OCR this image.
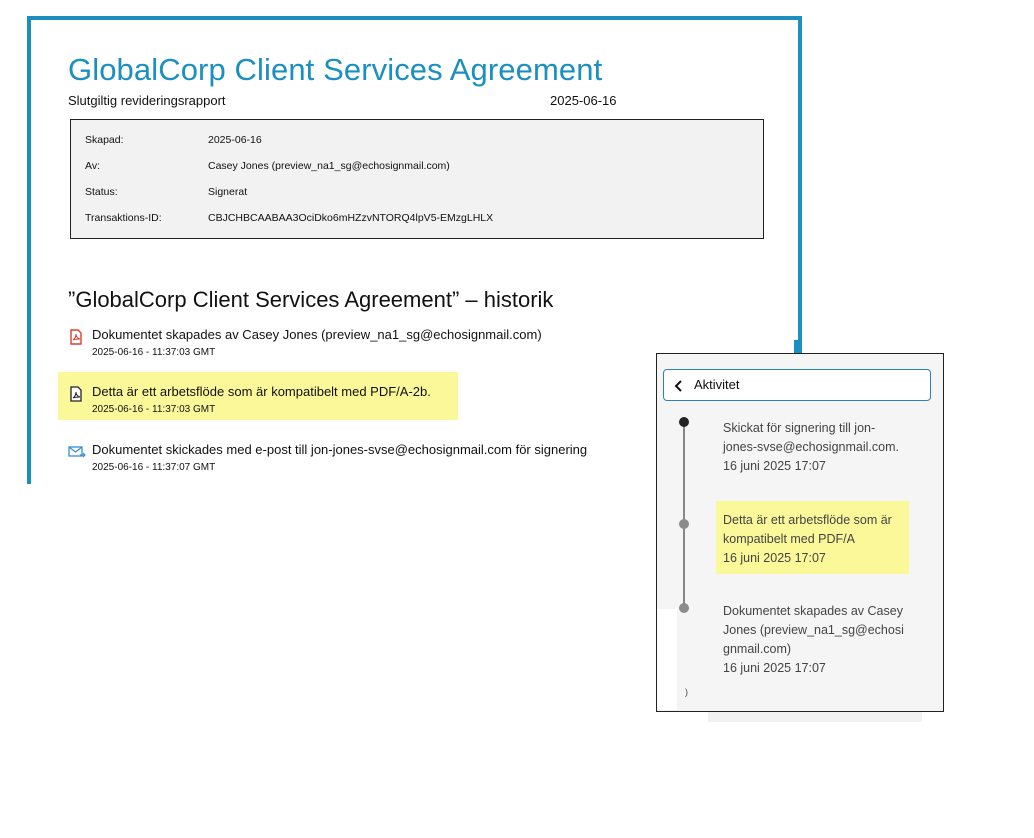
GlobalCorp Client Services Agreement
Slutgiltig revideringsrapport	2025-06-16
Skapad:	2025-06-16
Av:	Casey Jones (preview_na1_sg@echosignmail.com)
Status:	Signerat
Transaktions-ID:	CBJCHBCAABAA3OciDko6mHZzvNTORQ4lpV5-EMzgLHLX
”GlobalCorp Client Services Agreement” – historik
Dokumentet skapades av Casey Jones (preview_na1_sg@echosignmail.com)
2025-06-16 - 11:37:03 GMT
Detta är ett arbetsflöde som är kompatibelt med PDF/A-2b.
2025-06-16 - 11:37:03 GMT
Dokumentet skickades med e-post till jon-jones-svse@echosignmail.com för signering
2025-06-16 - 11:37:07 GMT
Aktivitet
)
Skickat för signering till jon-jones-svse@echosignmail.com.
16 juni 2025 17:07
Detta är ett arbetsflöde som är kompatibelt med PDF/A
16 juni 2025 17:07
Dokumentet skapades av Casey Jones (preview_na1_sg@echosignmail.com)
16 juni 2025 17:07
